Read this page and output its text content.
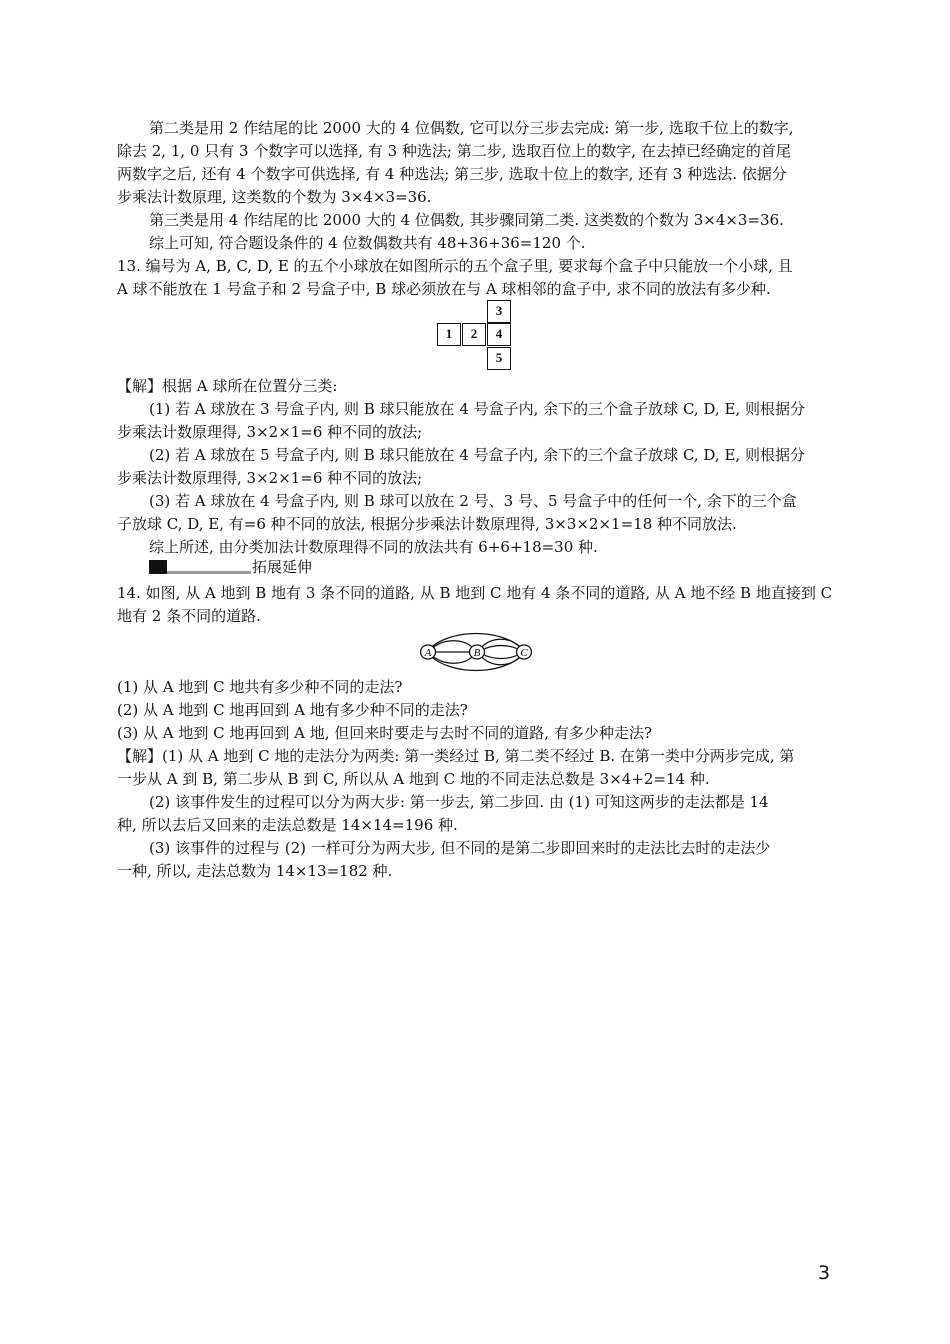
第二类是用 2 作结尾的比 2000 大的 4 位偶数, 它可以分三步去完成: 第一步, 选取千位上的数字,
除去 2, 1, 0 只有 3 个数字可以选择, 有 3 种选法; 第二步, 选取百位上的数字, 在去掉已经确定的首尾
两数字之后, 还有 4 个数字可供选择, 有 4 种选法; 第三步, 选取十位上的数字, 还有 3 种选法. 依据分
步乘法计数原理, 这类数的个数为 3×4×3=36.

第三类是用 4 作结尾的比 2000 大的 4 位偶数, 其步骤同第二类. 这类数的个数为 3×4×3=36.

综上可知, 符合题设条件的 4 位数偶数共有 48+36+36=120 个.

13. 编号为 A, B, C, D, E 的五个小球放在如图所示的五个盒子里, 要求每个盒子中只能放一个小球, 且
A 球不能放在 1 号盒子和 2 号盒子中, B 球必须放在与 A 球相邻的盒子中, 求不同的放法有多少种.

3
1	2	4
5

【解】根据 A 球所在位置分三类:

(1) 若 A 球放在 3 号盒子内, 则 B 球只能放在 4 号盒子内, 余下的三个盒子放球 C, D, E, 则根据分
步乘法计数原理得, 3×2×1=6 种不同的放法;

(2) 若 A 球放在 5 号盒子内, 则 B 球只能放在 4 号盒子内, 余下的三个盒子放球 C, D, E, 则根据分
步乘法计数原理得, 3×2×1=6 种不同的放法;

(3) 若 A 球放在 4 号盒子内, 则 B 球可以放在 2 号、3 号、5 号盒子中的任何一个, 余下的三个盒
子放球 C, D, E, 有=6 种不同的放法, 根据分步乘法计数原理得, 3×3×2×1=18 种不同放法.

综上所述, 由分类加法计数原理得不同的放法共有 6+6+18=30 种.

拓展延伸

14. 如图, 从 A 地到 B 地有 3 条不同的道路, 从 B 地到 C 地有 4 条不同的道路, 从 A 地不经 B 地直接到 C
地有 2 条不同的道路.

A	B	C

(1) 从 A 地到 C 地共有多少种不同的走法?
(2) 从 A 地到 C 地再回到 A 地有多少种不同的走法?
(3) 从 A 地到 C 地再回到 A 地, 但回来时要走与去时不同的道路, 有多少种走法?

【解】(1) 从 A 地到 C 地的走法分为两类: 第一类经过 B, 第二类不经过 B. 在第一类中分两步完成, 第
一步从 A 到 B, 第二步从 B 到 C, 所以从 A 地到 C 地的不同走法总数是 3×4+2=14 种.

(2) 该事件发生的过程可以分为两大步: 第一步去, 第二步回. 由 (1) 可知这两步的走法都是 14
种, 所以去后又回来的走法总数是 14×14=196 种.

(3) 该事件的过程与 (2) 一样可分为两大步, 但不同的是第二步即回来时的走法比去时的走法少
一种, 所以, 走法总数为 14×13=182 种.

3
